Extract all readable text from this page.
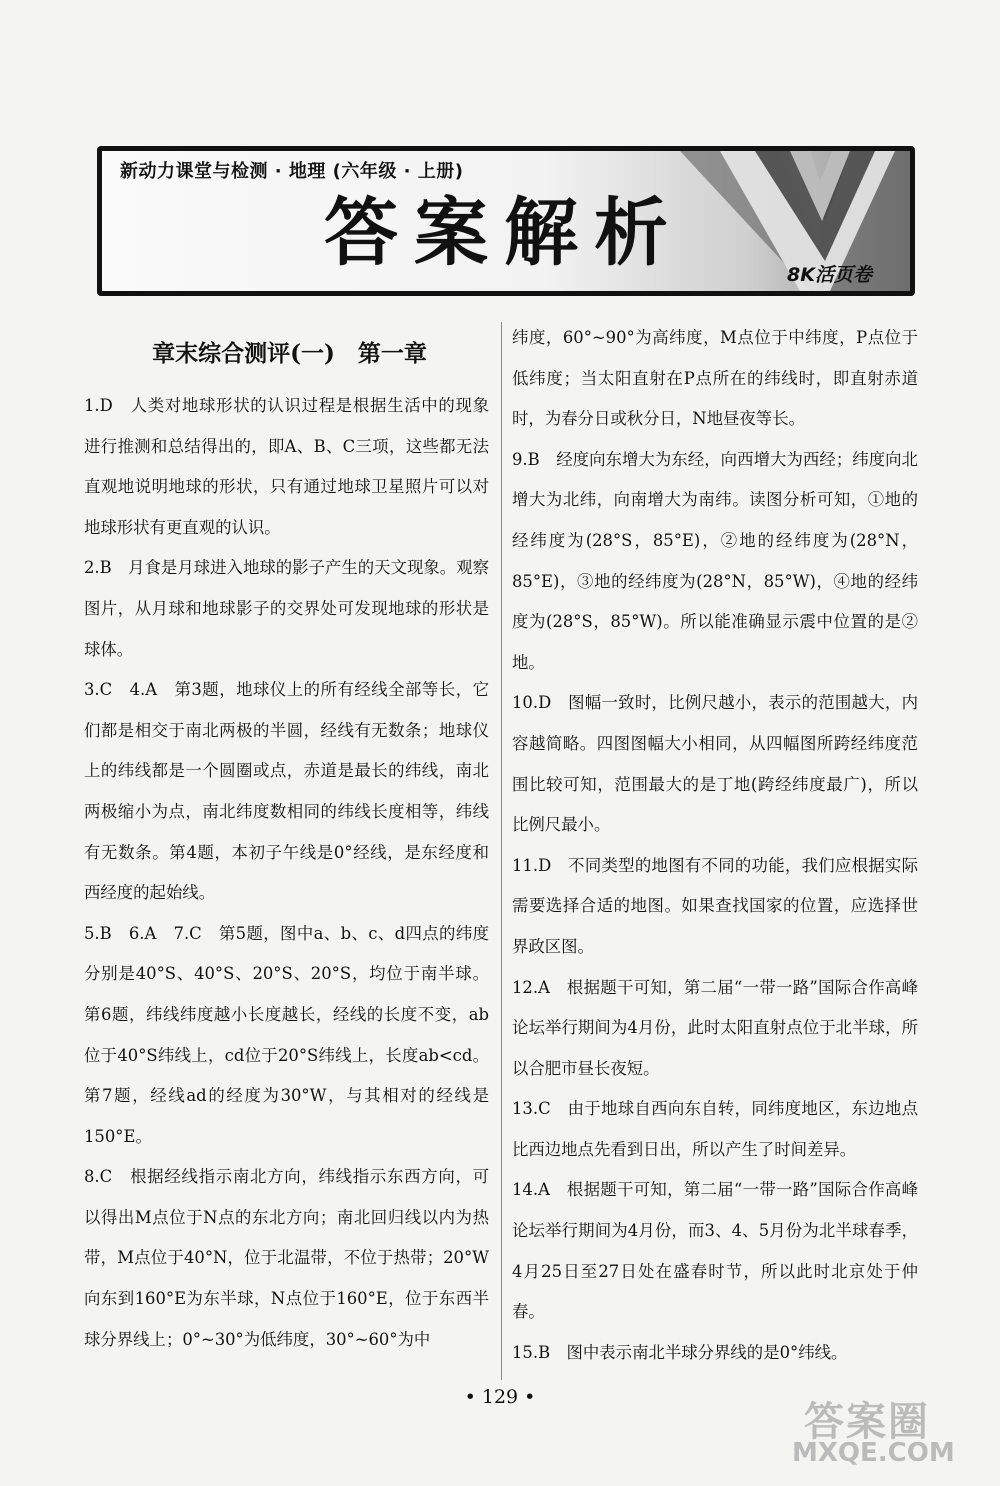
新动力课堂与检测 · 地理 (六年级 · 上册)
答案解析	8K活页卷
章末综合测评(一)　第一章
1.D　 人类对地球形状的认识过程是根据生活中的现象进行推测和总结得出的，即A、B、C三项，这些都无法直观地说明地球的形状，只有通过地球卫星照片可以对地球形状有更直观的认识。
2.B　 月食是月球进入地球的影子产生的天文现象。观察图片，从月球和地球影子的交界处可发现地球的形状是球体。
3.C　4.A　 第3题，地球仪上的所有经线全部等长，它们都是相交于南北两极的半圆，经线有无数条；地球仪上的纬线都是一个圆圈或点，赤道是最长的纬线，南北两极缩小为点，南北纬度数相同的纬线长度相等，纬线有无数条。第4题，本初子午线是0°经线，是东经度和西经度的起始线。
5.B　6.A　7.C　 第5题，图中a、b、c、d四点的纬度分别是40°S、40°S、20°S、20°S，均位于南半球。第6题，纬线纬度越小长度越长，经线的长度不变，ab位于40°S纬线上，cd位于20°S纬线上，长度ab<cd。第7题，经线ad的经度为30°W，与其相对的经线是150°E。
8.C　 根据经线指示南北方向，纬线指示东西方向，可以得出M点位于N点的东北方向；南北回归线以内为热带，M点位于40°N，位于北温带，不位于热带；20°W向东到160°E为东半球，N点位于160°E，位于东西半球分界线上；0°~30°为低纬度，30°~60°为中
纬度，60°~90°为高纬度，M点位于中纬度，P点位于低纬度；当太阳直射在P点所在的纬线时，即直射赤道时，为春分日或秋分日，N地昼夜等长。
9.B　 经度向东增大为东经，向西增大为西经；纬度向北增大为北纬，向南增大为南纬。读图分析可知，①地的经纬度为(28°S，85°E)，②地的经纬度为(28°N，85°E)，③地的经纬度为(28°N，85°W)，④地的经纬度为(28°S，85°W)。所以能准确显示震中位置的是②地。
10.D　 图幅一致时，比例尺越小，表示的范围越大，内容越简略。四图图幅大小相同，从四幅图所跨经纬度范围比较可知，范围最大的是丁地(跨经纬度最广)，所以比例尺最小。
11.D　 不同类型的地图有不同的功能，我们应根据实际需要选择合适的地图。如果查找国家的位置，应选择世界政区图。
12.A　 根据题干可知，第二届“一带一路”国际合作高峰论坛举行期间为4月份，此时太阳直射点位于北半球，所以合肥市昼长夜短。
13.C　 由于地球自西向东自转，同纬度地区，东边地点比西边地点先看到日出，所以产生了时间差异。
14.A　 根据题干可知，第二届“一带一路”国际合作高峰论坛举行期间为4月份，而3、4、5月份为北半球春季，4月25日至27日处在盛春时节，所以此时北京处于仲春。
15.B　 图中表示南北半球分界线的是0°纬线。
• 129 •
答案圈
MXQE.COM
